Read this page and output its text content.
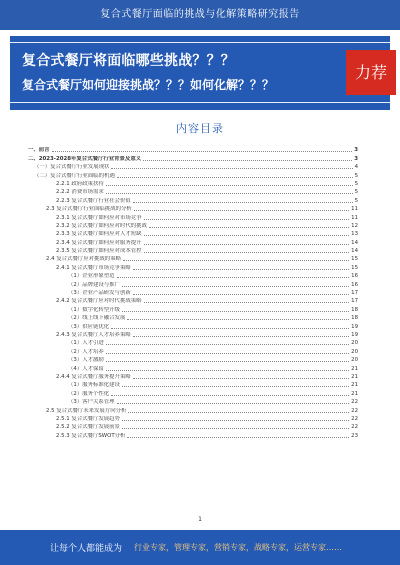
复合式餐厅面临的挑战与化解策略研究报告
复合式餐厅将面临哪些挑战？？？
复合式餐厅如何迎接挑战？？？如何化解？？？
力荐
内容目录
一、前言	3
二、2023-2028年复合式餐厅行业背景及意义	3
（一）复合式餐厅行业发展现状	4
（二）复合式餐厅行业面临的机遇	5
2.2.1 政府政策扶持	5
2.2.2 消费市场需求	5
2.2.3 复合式餐厅行业社会价值	5
2.3 复合式餐厅行业面临挑战的分析	11
2.3.1 复合式餐厅如何应对市场竞争	11
2.3.2 复合式餐厅如何应对时代的挑战	12
2.3.3 复合式餐厅如何应对人才短缺	13
2.3.4 复合式餐厅如何应对服务提升	14
2.3.5 复合式餐厅如何应对成本管控	14
2.4 复合式餐厅应对挑战的策略	15
2.4.1 复合式餐厅市场竞争策略	15
（1）企业形象塑造	16
（2）品牌建设与推广	16
（3）企业产品研发与创新	17
2.4.2 复合式餐厅应对时代挑战策略	17
（1）数字化转型升级	18
（2）线上线下融合发展	18
（3）供应链优化	19
2.4.3 复合式餐厅人才培养策略	19
（1）人才引进	20
（2）人才培养	20
（3）人才激励	20
（4）人才保留	21
2.4.4 复合式餐厅服务提升策略	21
（1）服务标准化建设	21
（2）服务个性化	21
（3）客户关系管理	22
2.5 复合式餐厅未来发展方向分析	22
2.5.1 复合式餐厅发展趋势	22
2.5.2 复合式餐厅发展前景	22
2.5.3 复合式餐厅SWOT分析	23
1
让每个人都能成为 行业专家，管理专家，营销专家，战略专家，运营专家……
